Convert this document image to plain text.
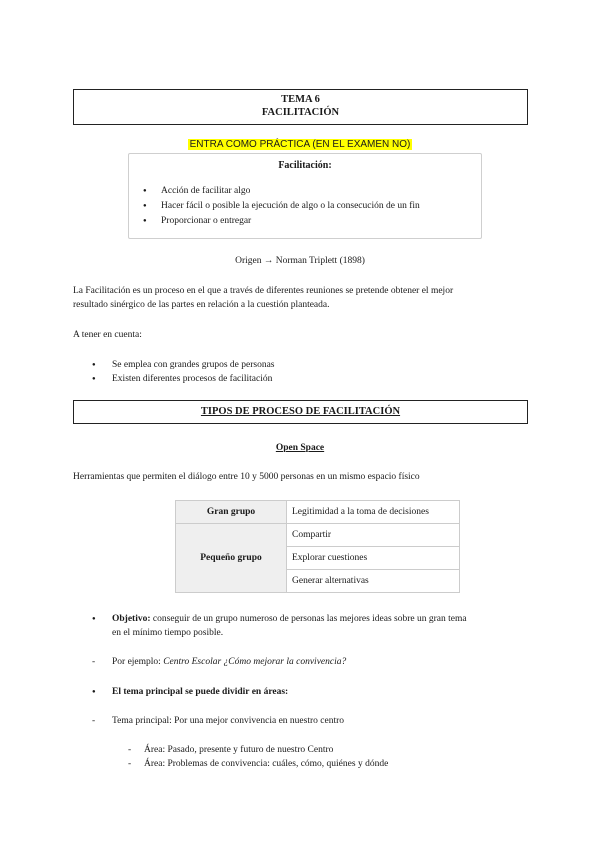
TEMA 6
FACILITACIÓN
ENTRA COMO PRÁCTICA (EN EL EXAMEN NO)
Facilitación:
● Acción de facilitar algo
● Hacer fácil o posible la ejecución de algo o la consecución de un fin
● Proporcionar o entregar
Origen → Norman Triplett (1898)
La Facilitación es un proceso en el que a través de diferentes reuniones se pretende obtener el mejor
resultado sinérgico de las partes en relación a la cuestión planteada.
A tener en cuenta:
● Se emplea con grandes grupos de personas
● Existen diferentes procesos de facilitación
TIPOS DE PROCESO DE FACILITACIÓN
Open Space
Herramientas que permiten el diálogo entre 10 y 5000 personas en un mismo espacio físico
Gran grupo	Legitimidad a la toma de decisiones
Pequeño grupo	Compartir
	Explorar cuestiones
	Generar alternativas
● Objetivo: conseguir de un grupo numeroso de personas las mejores ideas sobre un gran tema
en el mínimo tiempo posible.
- Por ejemplo: Centro Escolar ¿Cómo mejorar la convivencia?
● El tema principal se puede dividir en áreas:
- Tema principal: Por una mejor convivencia en nuestro centro
- Área: Pasado, presente y futuro de nuestro Centro
- Área: Problemas de convivencia: cuáles, cómo, quiénes y dónde
